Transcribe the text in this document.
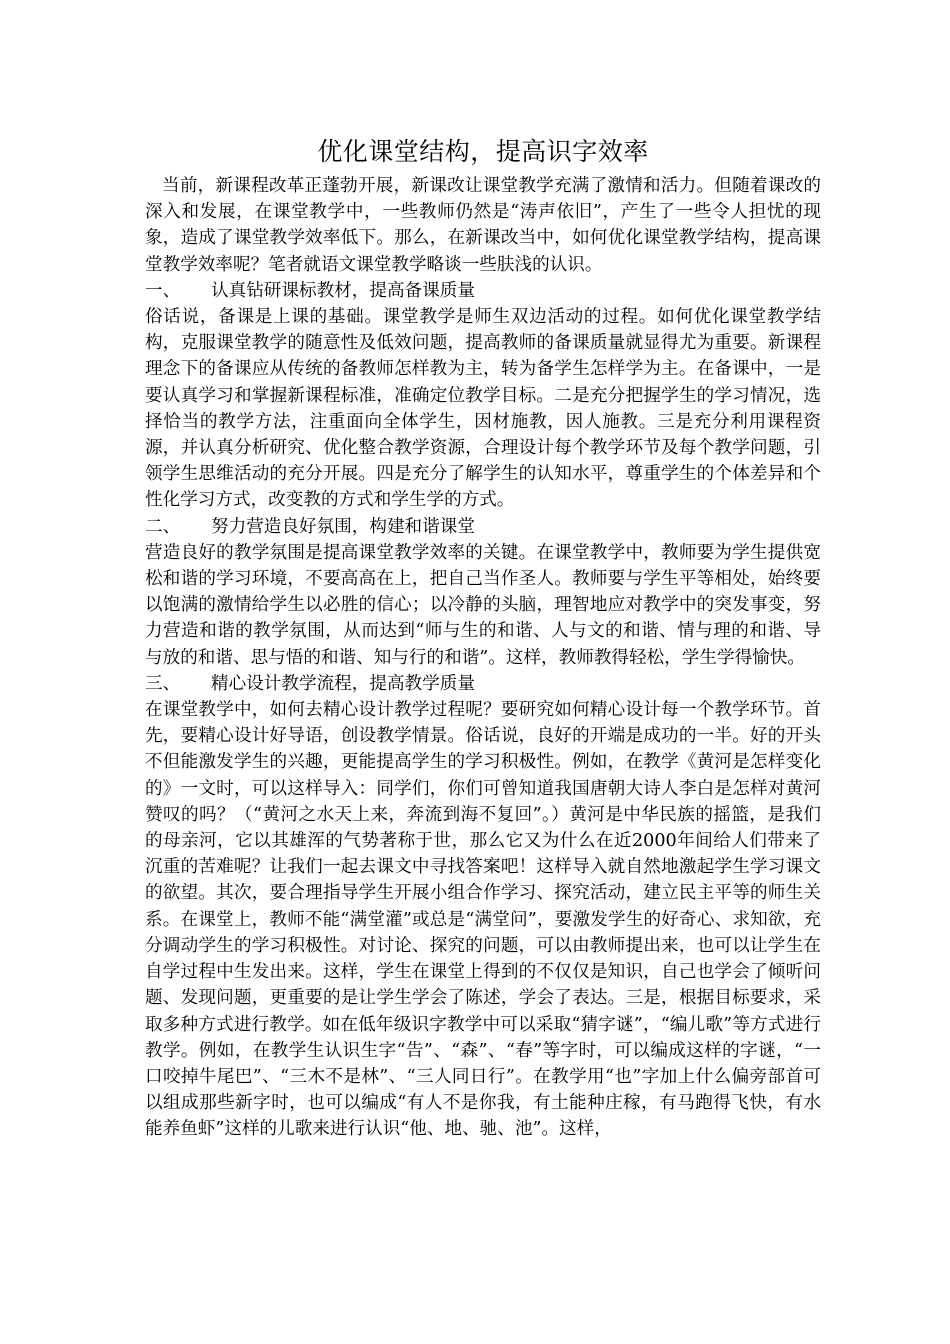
优化课堂结构，提高识字效率

当前，新课程改革正蓬勃开展，新课改让课堂教学充满了激情和活力。但随着课改的深入和发展，在课堂教学中，一些教师仍然是“涛声依旧”，产生了一些令人担忧的现象，造成了课堂教学效率低下。那么，在新课改当中，如何优化课堂教学结构，提高课堂教学效率呢？笔者就语文课堂教学略谈一些肤浅的认识。

一、 认真钻研课标教材，提高备课质量

俗话说，备课是上课的基础。课堂教学是师生双边活动的过程。如何优化课堂教学结构，克服课堂教学的随意性及低效问题，提高教师的备课质量就显得尤为重要。新课程理念下的备课应从传统的备教师怎样教为主，转为备学生怎样学为主。在备课中，一是要认真学习和掌握新课程标准，准确定位教学目标。二是充分把握学生的学习情况，选择恰当的教学方法，注重面向全体学生，因材施教，因人施教。三是充分利用课程资源，并认真分析研究、优化整合教学资源，合理设计每个教学环节及每个教学问题，引领学生思维活动的充分开展。四是充分了解学生的认知水平，尊重学生的个体差异和个性化学习方式，改变教的方式和学生学的方式。

二、 努力营造良好氛围，构建和谐课堂

营造良好的教学氛围是提高课堂教学效率的关键。在课堂教学中，教师要为学生提供宽松和谐的学习环境，不要高高在上，把自己当作圣人。教师要与学生平等相处，始终要以饱满的激情给学生以必胜的信心；以冷静的头脑，理智地应对教学中的突发事变，努力营造和谐的教学氛围，从而达到“师与生的和谐、人与文的和谐、情与理的和谐、导与放的和谐、思与悟的和谐、知与行的和谐”。这样，教师教得轻松，学生学得愉快。

三、 精心设计教学流程，提高教学质量

在课堂教学中，如何去精心设计教学过程呢？要研究如何精心设计每一个教学环节。首先，要精心设计好导语，创设教学情景。俗话说，良好的开端是成功的一半。好的开头不但能激发学生的兴趣，更能提高学生的学习积极性。例如，在教学《黄河是怎样变化的》一文时，可以这样导入：同学们，你们可曾知道我国唐朝大诗人李白是怎样对黄河赞叹的吗？（“黄河之水天上来，奔流到海不复回”。）黄河是中华民族的摇篮，是我们的母亲河，它以其雄浑的气势著称于世，那么它又为什么在近2000年间给人们带来了沉重的苦难呢？让我们一起去课文中寻找答案吧！这样导入就自然地激起学生学习课文的欲望。其次，要合理指导学生开展小组合作学习、探究活动，建立民主平等的师生关系。在课堂上，教师不能“满堂灌”或总是“满堂问”，要激发学生的好奇心、求知欲，充分调动学生的学习积极性。对讨论、探究的问题，可以由教师提出来，也可以让学生在自学过程中生发出来。这样，学生在课堂上得到的不仅仅是知识，自己也学会了倾听问题、发现问题，更重要的是让学生学会了陈述，学会了表达。三是，根据目标要求，采取多种方式进行教学。如在低年级识字教学中可以采取“猜字谜”，“编儿歌”等方式进行教学。例如，在教学生认识生字“告”、“森”、“春”等字时，可以编成这样的字谜，“一口咬掉牛尾巴”、“三木不是林”、“三人同日行”。在教学用“也”字加上什么偏旁部首可以组成那些新字时，也可以编成“有人不是你我，有土能种庄稼，有马跑得飞快，有水能养鱼虾”这样的儿歌来进行认识“他、地、驰、池”。这样，
